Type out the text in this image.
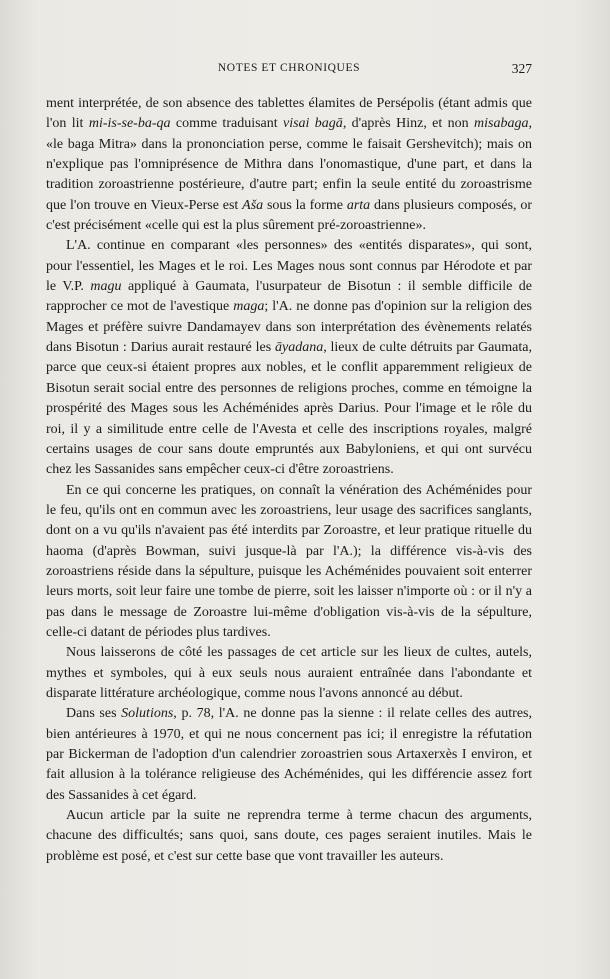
NOTES ET CHRONIQUES	327

ment interprétée, de son absence des tablettes élamites de Persépolis (étant admis que l'on lit mi-is-se-ba-qa comme traduisant visai bagā, d'après Hinz, et non misabaga, «le baga Mitra» dans la prononciation perse, comme le faisait Gershevitch); mais on n'explique pas l'omniprésence de Mithra dans l'onomastique, d'une part, et dans la tradition zoroastrienne postérieure, d'autre part; enfin la seule entité du zoroastrisme que l'on trouve en Vieux-Perse est Aša sous la forme arta dans plusieurs composés, or c'est précisément «celle qui est la plus sûrement pré-zoroastrienne».

L'A. continue en comparant «les personnes» des «entités disparates», qui sont, pour l'essentiel, les Mages et le roi. Les Mages nous sont connus par Hérodote et par le V.P. magu appliqué à Gaumata, l'usurpateur de Bisotun : il semble difficile de rapprocher ce mot de l'avestique maga; l'A. ne donne pas d'opinion sur la religion des Mages et préfère suivre Dandamayev dans son interprétation des évènements relatés dans Bisotun : Darius aurait restauré les āyadana, lieux de culte détruits par Gaumata, parce que ceux-si étaient propres aux nobles, et le conflit apparemment religieux de Bisotun serait social entre des personnes de religions proches, comme en témoigne la prospérité des Mages sous les Achéménides après Darius. Pour l'image et le rôle du roi, il y a similitude entre celle de l'Avesta et celle des inscriptions royales, malgré certains usages de cour sans doute empruntés aux Babyloniens, et qui ont survécu chez les Sassanides sans empêcher ceux-ci d'être zoroastriens.

En ce qui concerne les pratiques, on connaît la vénération des Achéménides pour le feu, qu'ils ont en commun avec les zoroastriens, leur usage des sacrifices sanglants, dont on a vu qu'ils n'avaient pas été interdits par Zoroastre, et leur pratique rituelle du haoma (d'après Bowman, suivi jusque-là par l'A.); la différence vis-à-vis des zoroastriens réside dans la sépulture, puisque les Achéménides pouvaient soit enterrer leurs morts, soit leur faire une tombe de pierre, soit les laisser n'importe où : or il n'y a pas dans le message de Zoroastre lui-même d'obligation vis-à-vis de la sépulture, celle-ci datant de périodes plus tardives.

Nous laisserons de côté les passages de cet article sur les lieux de cultes, autels, mythes et symboles, qui à eux seuls nous auraient entraînée dans l'abondante et disparate littérature archéologique, comme nous l'avons annoncé au début.

Dans ses Solutions, p. 78, l'A. ne donne pas la sienne : il relate celles des autres, bien antérieures à 1970, et qui ne nous concernent pas ici; il enregistre la réfutation par Bickerman de l'adoption d'un calendrier zoroastrien sous Artaxerxès I environ, et fait allusion à la tolérance religieuse des Achéménides, qui les différencie assez fort des Sassanides à cet égard.

Aucun article par la suite ne reprendra terme à terme chacun des arguments, chacune des difficultés; sans quoi, sans doute, ces pages seraient inutiles. Mais le problème est posé, et c'est sur cette base que vont travailler les auteurs.
